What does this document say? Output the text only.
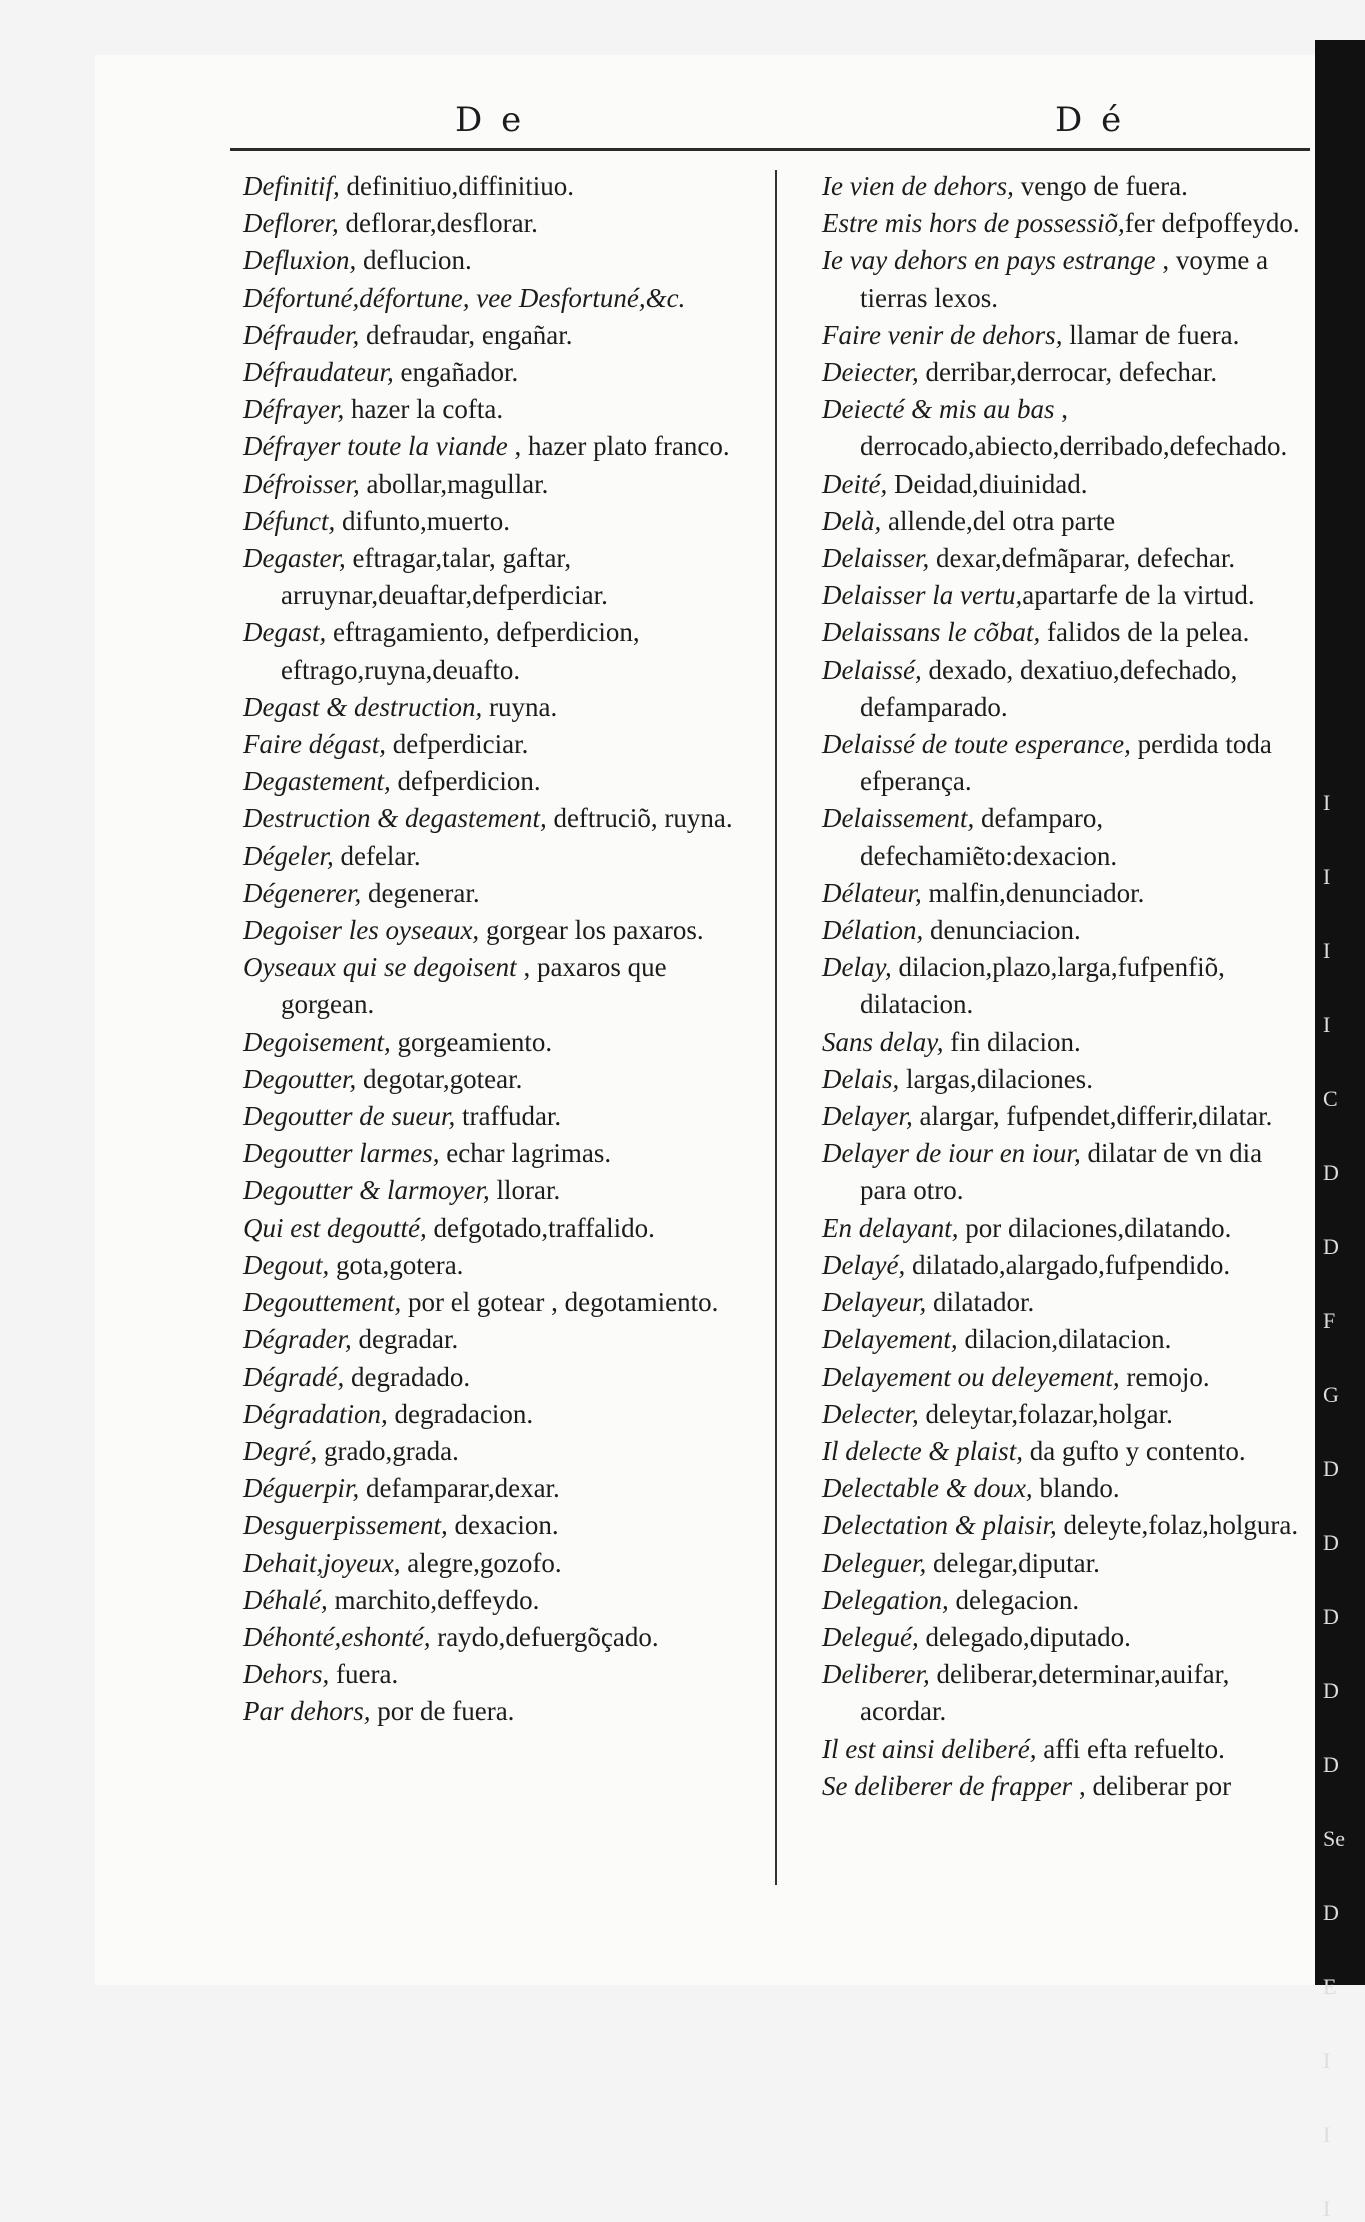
I
I
I
I
C
D
D
F
G
D
D
D
D
D
Se
D
E
I
I
I
D e	D é
Definitif, definitiuo,diffinitiuo.
Deflorer, deflorar,desflorar.
Defluxion, deflucion.
Défortuné,défortune, vee Desfortuné,&c.
Défrauder, defraudar, engañar.
Défraudateur, engañador.
Défrayer, hazer la cofta.
Défrayer toute la viande , hazer plato franco.
Défroisser, abollar,magullar.
Défunct, difunto,muerto.
Degaster, eftragar,talar, gaftar, arruynar,deuaftar,defperdiciar.
Degast, eftragamiento, defperdicion, eftrago,ruyna,deuafto.
Degast & destruction, ruyna.
Faire dégast, defperdiciar.
Degastement, defperdicion.
Destruction & degastement, deftruciõ, ruyna.
Dégeler, defelar.
Dégenerer, degenerar.
Degoiser les oyseaux, gorgear los paxaros.
Oyseaux qui se degoisent , paxaros que gorgean.
Degoisement, gorgeamiento.
Degoutter, degotar,gotear.
Degoutter de sueur, traffudar.
Degoutter larmes, echar lagrimas.
Degoutter & larmoyer, llorar.
Qui est degoutté, defgotado,traffalido.
Degout, gota,gotera.
Degouttement, por el gotear , degotamiento.
Dégrader, degradar.
Dégradé, degradado.
Dégradation, degradacion.
Degré, grado,grada.
Déguerpir, defamparar,dexar.
Desguerpissement, dexacion.
Dehait,joyeux, alegre,gozofo.
Déhalé, marchito,deffeydo.
Déhonté,eshonté, raydo,defuergõçado.
Dehors, fuera.
Par dehors, por de fuera.
Ie vien de dehors, vengo de fuera.
Estre mis hors de possessiõ,fer defpoffeydo.
Ie vay dehors en pays estrange , voyme a tierras lexos.
Faire venir de dehors, llamar de fuera.
Deiecter, derribar,derrocar, defechar.
Deiecté & mis au bas , derrocado,abiecto,derribado,defechado.
Deité, Deidad,diuinidad.
Delà, allende,del otra parte
Delaisser, dexar,defmãparar, defechar.
Delaisser la vertu,apartarfe de la virtud.
Delaissans le cõbat, falidos de la pelea.
Delaissé, dexado, dexatiuo,defechado, defamparado.
Delaissé de toute esperance, perdida toda efperança.
Delaissement, defamparo, defechamiẽto:dexacion.
Délateur, malfin,denunciador.
Délation, denunciacion.
Delay, dilacion,plazo,larga,fufpenfiõ, dilatacion.
Sans delay, fin dilacion.
Delais, largas,dilaciones.
Delayer, alargar, fufpendet,differir,dilatar.
Delayer de iour en iour, dilatar de vn dia para otro.
En delayant, por dilaciones,dilatando.
Delayé, dilatado,alargado,fufpendido.
Delayeur, dilatador.
Delayement, dilacion,dilatacion.
Delayement ou deleyement, remojo.
Delecter, deleytar,folazar,holgar.
Il delecte & plaist, da gufto y contento.
Delectable & doux, blando.
Delectation & plaisir, deleyte,folaz,holgura.
Deleguer, delegar,diputar.
Delegation, delegacion.
Delegué, delegado,diputado.
Deliberer, deliberar,determinar,auifar, acordar.
Il est ainsi deliberé, affi efta refuelto.
Se deliberer de frapper , deliberar por
